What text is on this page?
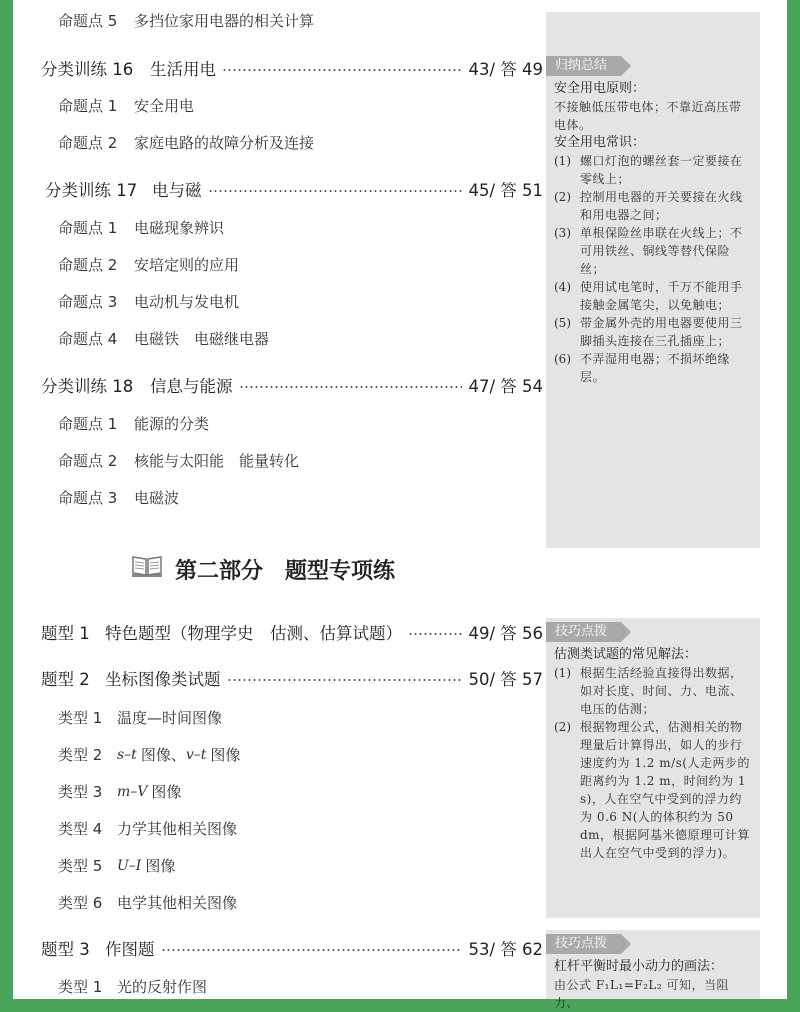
命题点 5	多挡位家用电器的相关计算
分类训练 16	生活用电	43/ 答 49
命题点 1	安全用电
命题点 2	家庭电路的故障分析及连接
分类训练 17 电与磁	45/ 答 51
命题点 1	电磁现象辨识
命题点 2	安培定则的应用
命题点 3	电动机与发电机
命题点 4	电磁铁　电磁继电器
分类训练 18	信息与能源	47/ 答 54
命题点 1	能源的分类
命题点 2	核能与太阳能　能量转化
命题点 3	电磁波
第二部分　题型专项练
题型 1 特色题型（物理学史　估测、估算试题）	49/ 答 56
题型 2 坐标图像类试题	50/ 答 57
类型 1 温度—时间图像
类型 2	s–t 图像、 v–t 图像
类型 3	m–V 图像
类型 4 力学其他相关图像
类型 5	U–I 图像
类型 6 电学其他相关图像
题型 3 作图题	53/ 答 62
类型 1 光的反射作图
归纳总结
安全用电原则：
不接触低压带电体；不靠近高压带电体。
安全用电常识：
(1) 螺口灯泡的螺丝套一定要接在零线上；
(2) 控制用电器的开关要接在火线和用电器之间；
(3) 单根保险丝串联在火线上；不可用铁丝、铜线等替代保险丝；
(4) 使用试电笔时，千万不能用手接触金属笔尖，以免触电；
(5) 带金属外壳的用电器要使用三脚插头连接在三孔插座上；
(6) 不弄湿用电器；不损坏绝缘层。
技巧点拨
估测类试题的常见解法：
(1) 根据生活经验直接得出数据，如对长度、时间、力、电流、电压的估测；
(2) 根据物理公式，估测相关的物理量后计算得出，如人的步行速度约为 1.2 m/s(人走两步的距离约为 1.2 m，时间约为 1 s)，人在空气中受到的浮力约为 0.6 N(人的体积约为 50 dm，根据阿基米德原理可计算出人在空气中受到的浮力)。
技巧点拨
杠杆平衡时最小动力的画法：
由公式 F₁L₁=F₂L₂ 可知，当阻力、
